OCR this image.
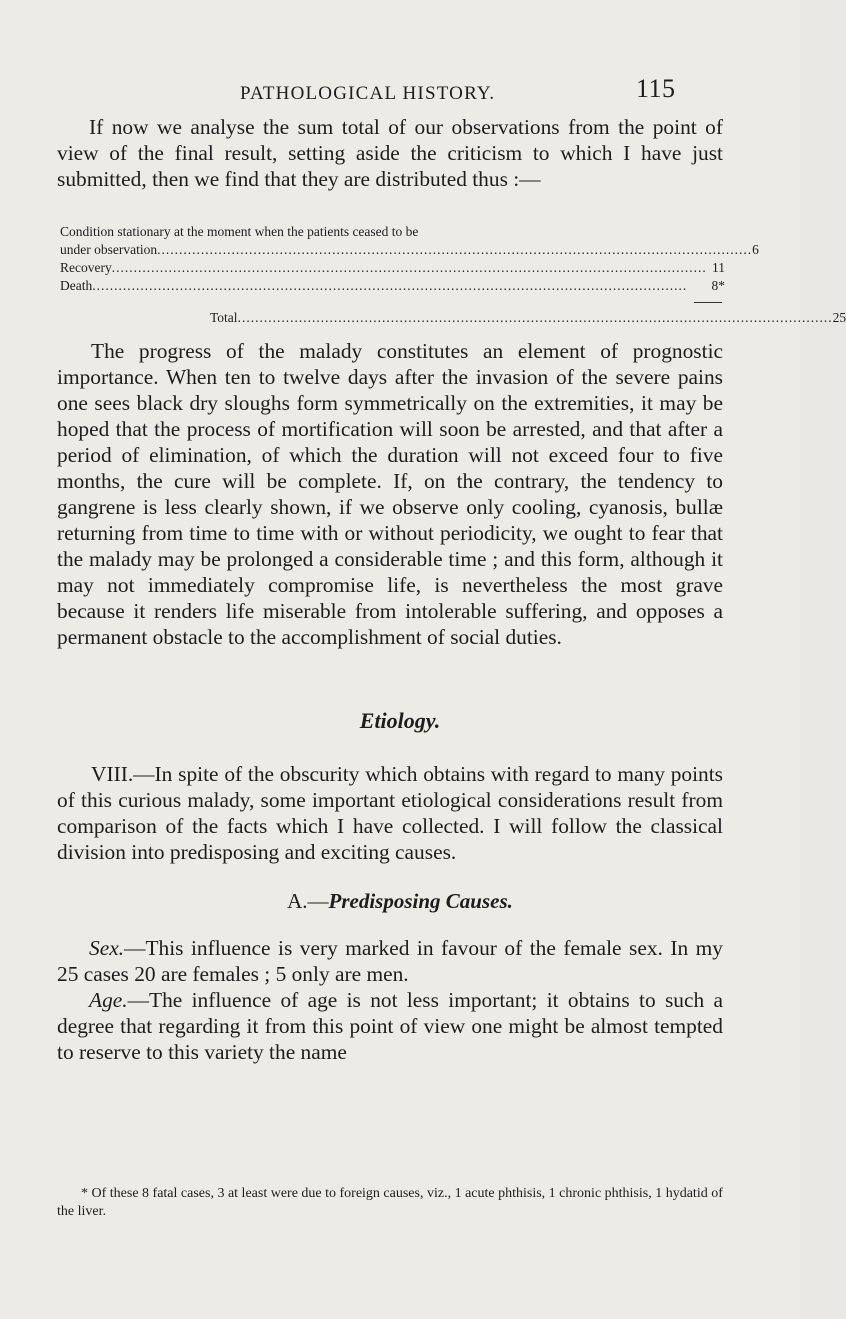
PATHOLOGICAL HISTORY.	115

If now we analyse the sum total of our observations from the point of view of the final result, setting aside the criticism to which I have just submitted, then we find that they are distributed thus :—

Condition stationary at the moment when the patients ceased to be
under observation ........................................................................................................................................ 6
Recovery ........................................................................................................................................ 11
Death ........................................................................................................................................	8*
Total ........................................................................................................................................ 25

The progress of the malady constitutes an element of prognostic importance. When ten to twelve days after the invasion of the severe pains one sees black dry sloughs form symmetrically on the extremities, it may be hoped that the process of mortification will soon be arrested, and that after a period of elimination, of which the duration will not exceed four to five months, the cure will be complete. If, on the contrary, the tendency to gangrene is less clearly shown, if we observe only cooling, cyanosis, bullæ returning from time to time with or without periodicity, we ought to fear that the malady may be prolonged a considerable time ; and this form, although it may not immediately compromise life, is nevertheless the most grave because it renders life miserable from intolerable suffering, and opposes a permanent obstacle to the accomplishment of social duties.

Etiology.

VIII.—In spite of the obscurity which obtains with regard to many points of this curious malady, some important etiological considerations result from comparison of the facts which I have collected. I will follow the classical division into predisposing and exciting causes.

A.—Predisposing Causes.

Sex.—This influence is very marked in favour of the female sex. In my 25 cases 20 are females ; 5 only are men.
Age.—The influence of age is not less important; it obtains to such a degree that regarding it from this point of view one might be almost tempted to reserve to this variety the name

* Of these 8 fatal cases, 3 at least were due to foreign causes, viz., 1 acute phthisis, 1 chronic phthisis, 1 hydatid of the liver.
